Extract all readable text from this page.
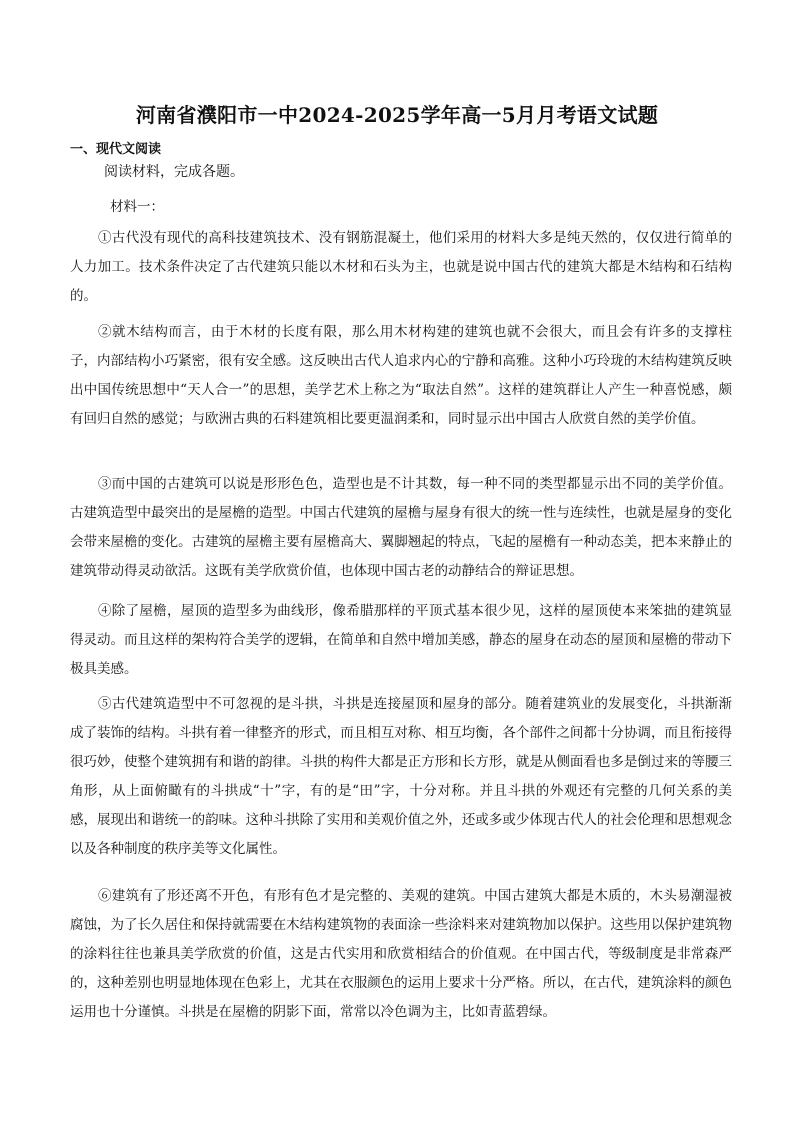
河南省濮阳市一中2024-2025学年高一5月月考语文试题
一、现代文阅读
阅读材料，完成各题。
材料一：

①古代没有现代的高科技建筑技术、没有钢筋混凝土，他们采用的材料大多是纯天然的，仅仅进行简单的人力加工。技术条件决定了古代建筑只能以木材和石头为主，也就是说中国古代的建筑大都是木结构和石结构的。

②就木结构而言，由于木材的长度有限，那么用木材构建的建筑也就不会很大，而且会有许多的支撑柱子，内部结构小巧紧密，很有安全感。这反映出古代人追求内心的宁静和高雅。这种小巧玲珑的木结构建筑反映出中国传统思想中“天人合一”的思想，美学艺术上称之为“取法自然”。这样的建筑群让人产生一种喜悦感，颇有回归自然的感觉；与欧洲古典的石料建筑相比要更温润柔和，同时显示出中国古人欣赏自然的美学价值。

③而中国的古建筑可以说是形形色色，造型也是不计其数，每一种不同的类型都显示出不同的美学价值。古建筑造型中最突出的是屋檐的造型。中国古代建筑的屋檐与屋身有很大的统一性与连续性，也就是屋身的变化会带来屋檐的变化。古建筑的屋檐主要有屋檐高大、翼脚翘起的特点，飞起的屋檐有一种动态美，把本来静止的建筑带动得灵动欲活。这既有美学欣赏价值，也体现中国古老的动静结合的辩证思想。

④除了屋檐，屋顶的造型多为曲线形，像希腊那样的平顶式基本很少见，这样的屋顶使本来笨拙的建筑显得灵动。而且这样的架构符合美学的逻辑，在简单和自然中增加美感，静态的屋身在动态的屋顶和屋檐的带动下极具美感。

⑤古代建筑造型中不可忽视的是斗拱，斗拱是连接屋顶和屋身的部分。随着建筑业的发展变化，斗拱渐渐成了装饰的结构。斗拱有着一律整齐的形式，而且相互对称、相互均衡，各个部件之间都十分协调，而且衔接得很巧妙，使整个建筑拥有和谐的韵律。斗拱的构件大都是正方形和长方形，就是从侧面看也多是倒过来的等腰三角形，从上面俯瞰有的斗拱成“十”字，有的是“田”字，十分对称。并且斗拱的外观还有完整的几何关系的美感，展现出和谐统一的韵味。这种斗拱除了实用和美观价值之外，还或多或少体现古代人的社会伦理和思想观念以及各种制度的秩序美等文化属性。

⑥建筑有了形还离不开色，有形有色才是完整的、美观的建筑。中国古建筑大都是木质的，木头易潮湿被腐蚀，为了长久居住和保持就需要在木结构建筑物的表面涂一些涂料来对建筑物加以保护。这些用以保护建筑物的涂料往往也兼具美学欣赏的价值，这是古代实用和欣赏相结合的价值观。在中国古代，等级制度是非常森严的，这种差别也明显地体现在色彩上，尤其在衣服颜色的运用上要求十分严格。所以，在古代，建筑涂料的颜色运用也十分谨慎。斗拱是在屋檐的阴影下面，常常以冷色调为主，比如青蓝碧绿。
